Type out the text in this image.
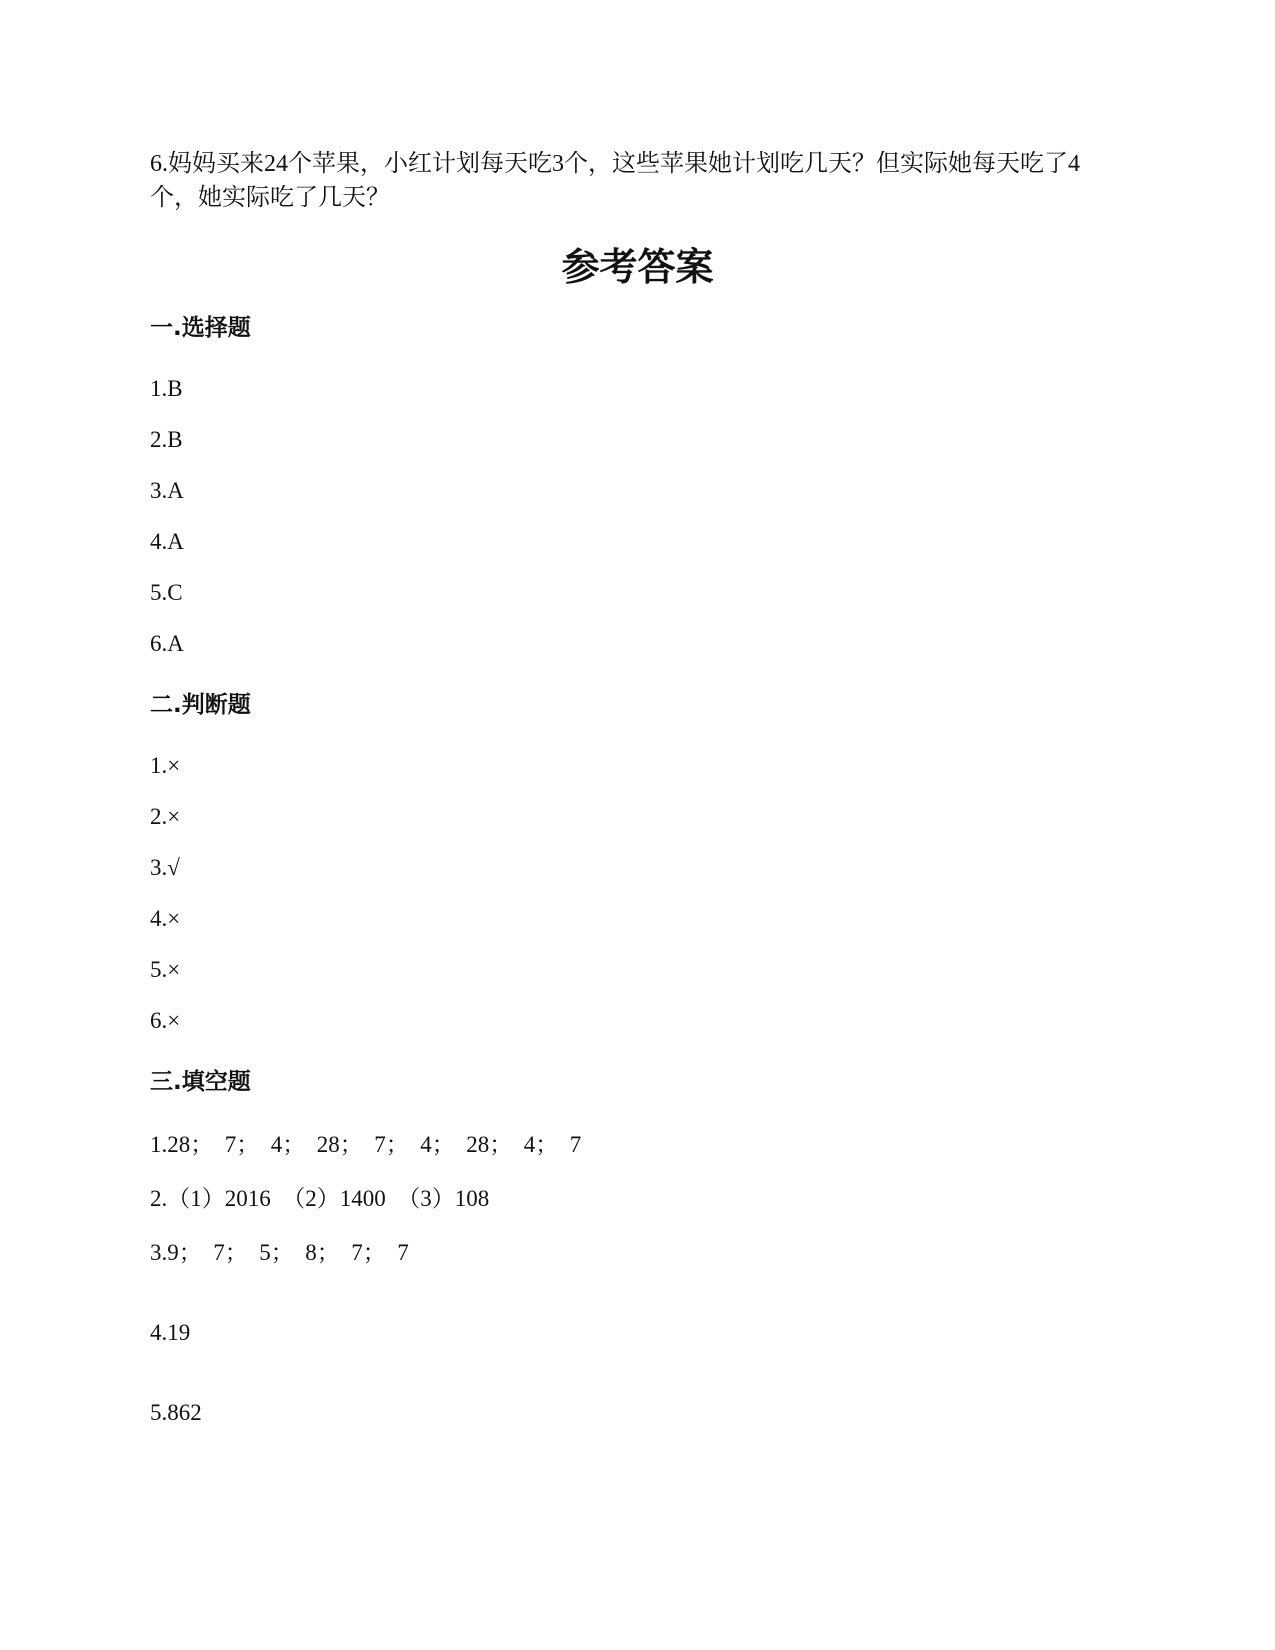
6.妈妈买来24个苹果，小红计划每天吃3个，这些苹果她计划吃几天？但实际她每天吃了4
个，她实际吃了几天？
参考答案
一.选择题
1.B
2.B
3.A
4.A
5.C
6.A
二.判断题
1.×
2.×
3.√
4.×
5.×
6.×
三.填空题
1.28；  7；  4；  28；  7；  4；  28；  4；  7
2.（1）2016  （2）1400  （3）108
3.9；  7；  5；  8；  7；  7
4.19
5.862
